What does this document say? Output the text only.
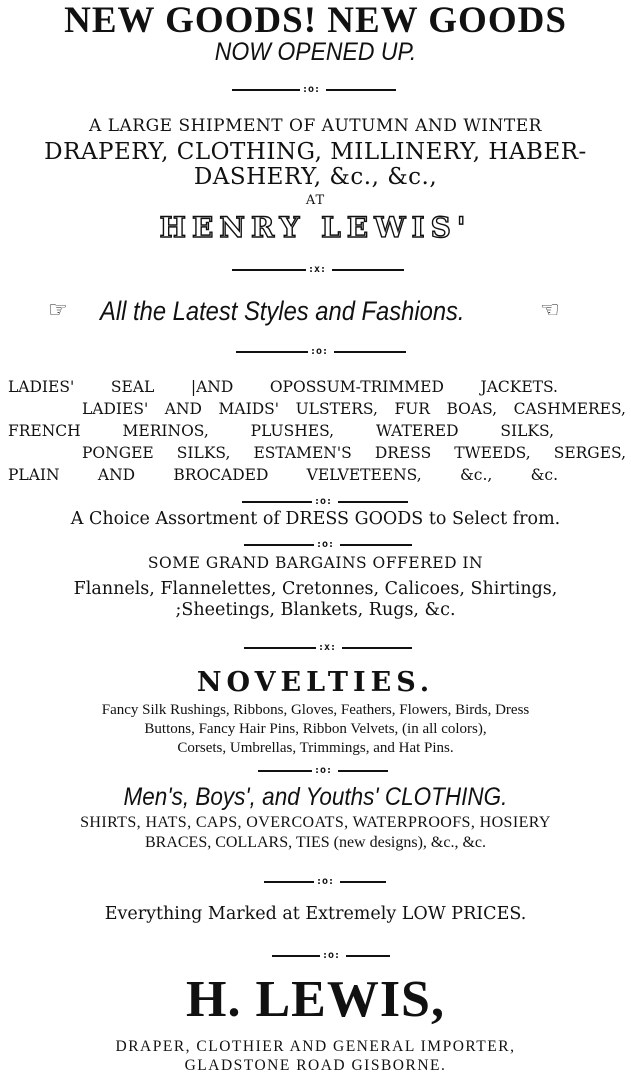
NEW GOODS! NEW GOODS
NOW OPENED UP.
:o:
A LARGE SHIPMENT OF AUTUMN AND WINTER
DRAPERY, CLOTHING, MILLINERY, HABER-
DASHERY, &c., &c.,
AT
HENRY LEWIS'
:x:
☞ All the Latest Styles and Fashions.	☜
:o:
LADIES' SEAL |AND OPOSSUM-TRIMMED JACKETS.
LADIES' AND MAIDS' ULSTERS, FUR BOAS, CASHMERES,
FRENCH MERINOS, PLUSHES, WATERED SILKS,
PONGEE SILKS, ESTAMEN'S DRESS TWEEDS, SERGES,
PLAIN AND BROCADED VELVETEENS, &c., &c.
:o:
A Choice Assortment of DRESS GOODS to Select from.
:o:
SOME GRAND BARGAINS OFFERED IN
Flannels, Flannelettes, Cretonnes, Calicoes, Shirtings,
;Sheetings, Blankets, Rugs, &c.
:x:
NOVELTIES.
Fancy Silk Rushings, Ribbons, Gloves, Feathers, Flowers, Birds, Dress
Buttons, Fancy Hair Pins, Ribbon Velvets, (in all colors),
Corsets, Umbrellas, Trimmings, and Hat Pins.
:o:
Men's, Boys', and Youths' CLOTHING.
SHIRTS, HATS, CAPS, OVERCOATS, WATERPROOFS, HOSIERY
BRACES, COLLARS, TIES (new designs), &c., &c.
:o:
Everything Marked at Extremely LOW PRICES.
:o:
H. LEWIS,
DRAPER, CLOTHIER AND GENERAL IMPORTER,
GLADSTONE ROAD GISBORNE.
